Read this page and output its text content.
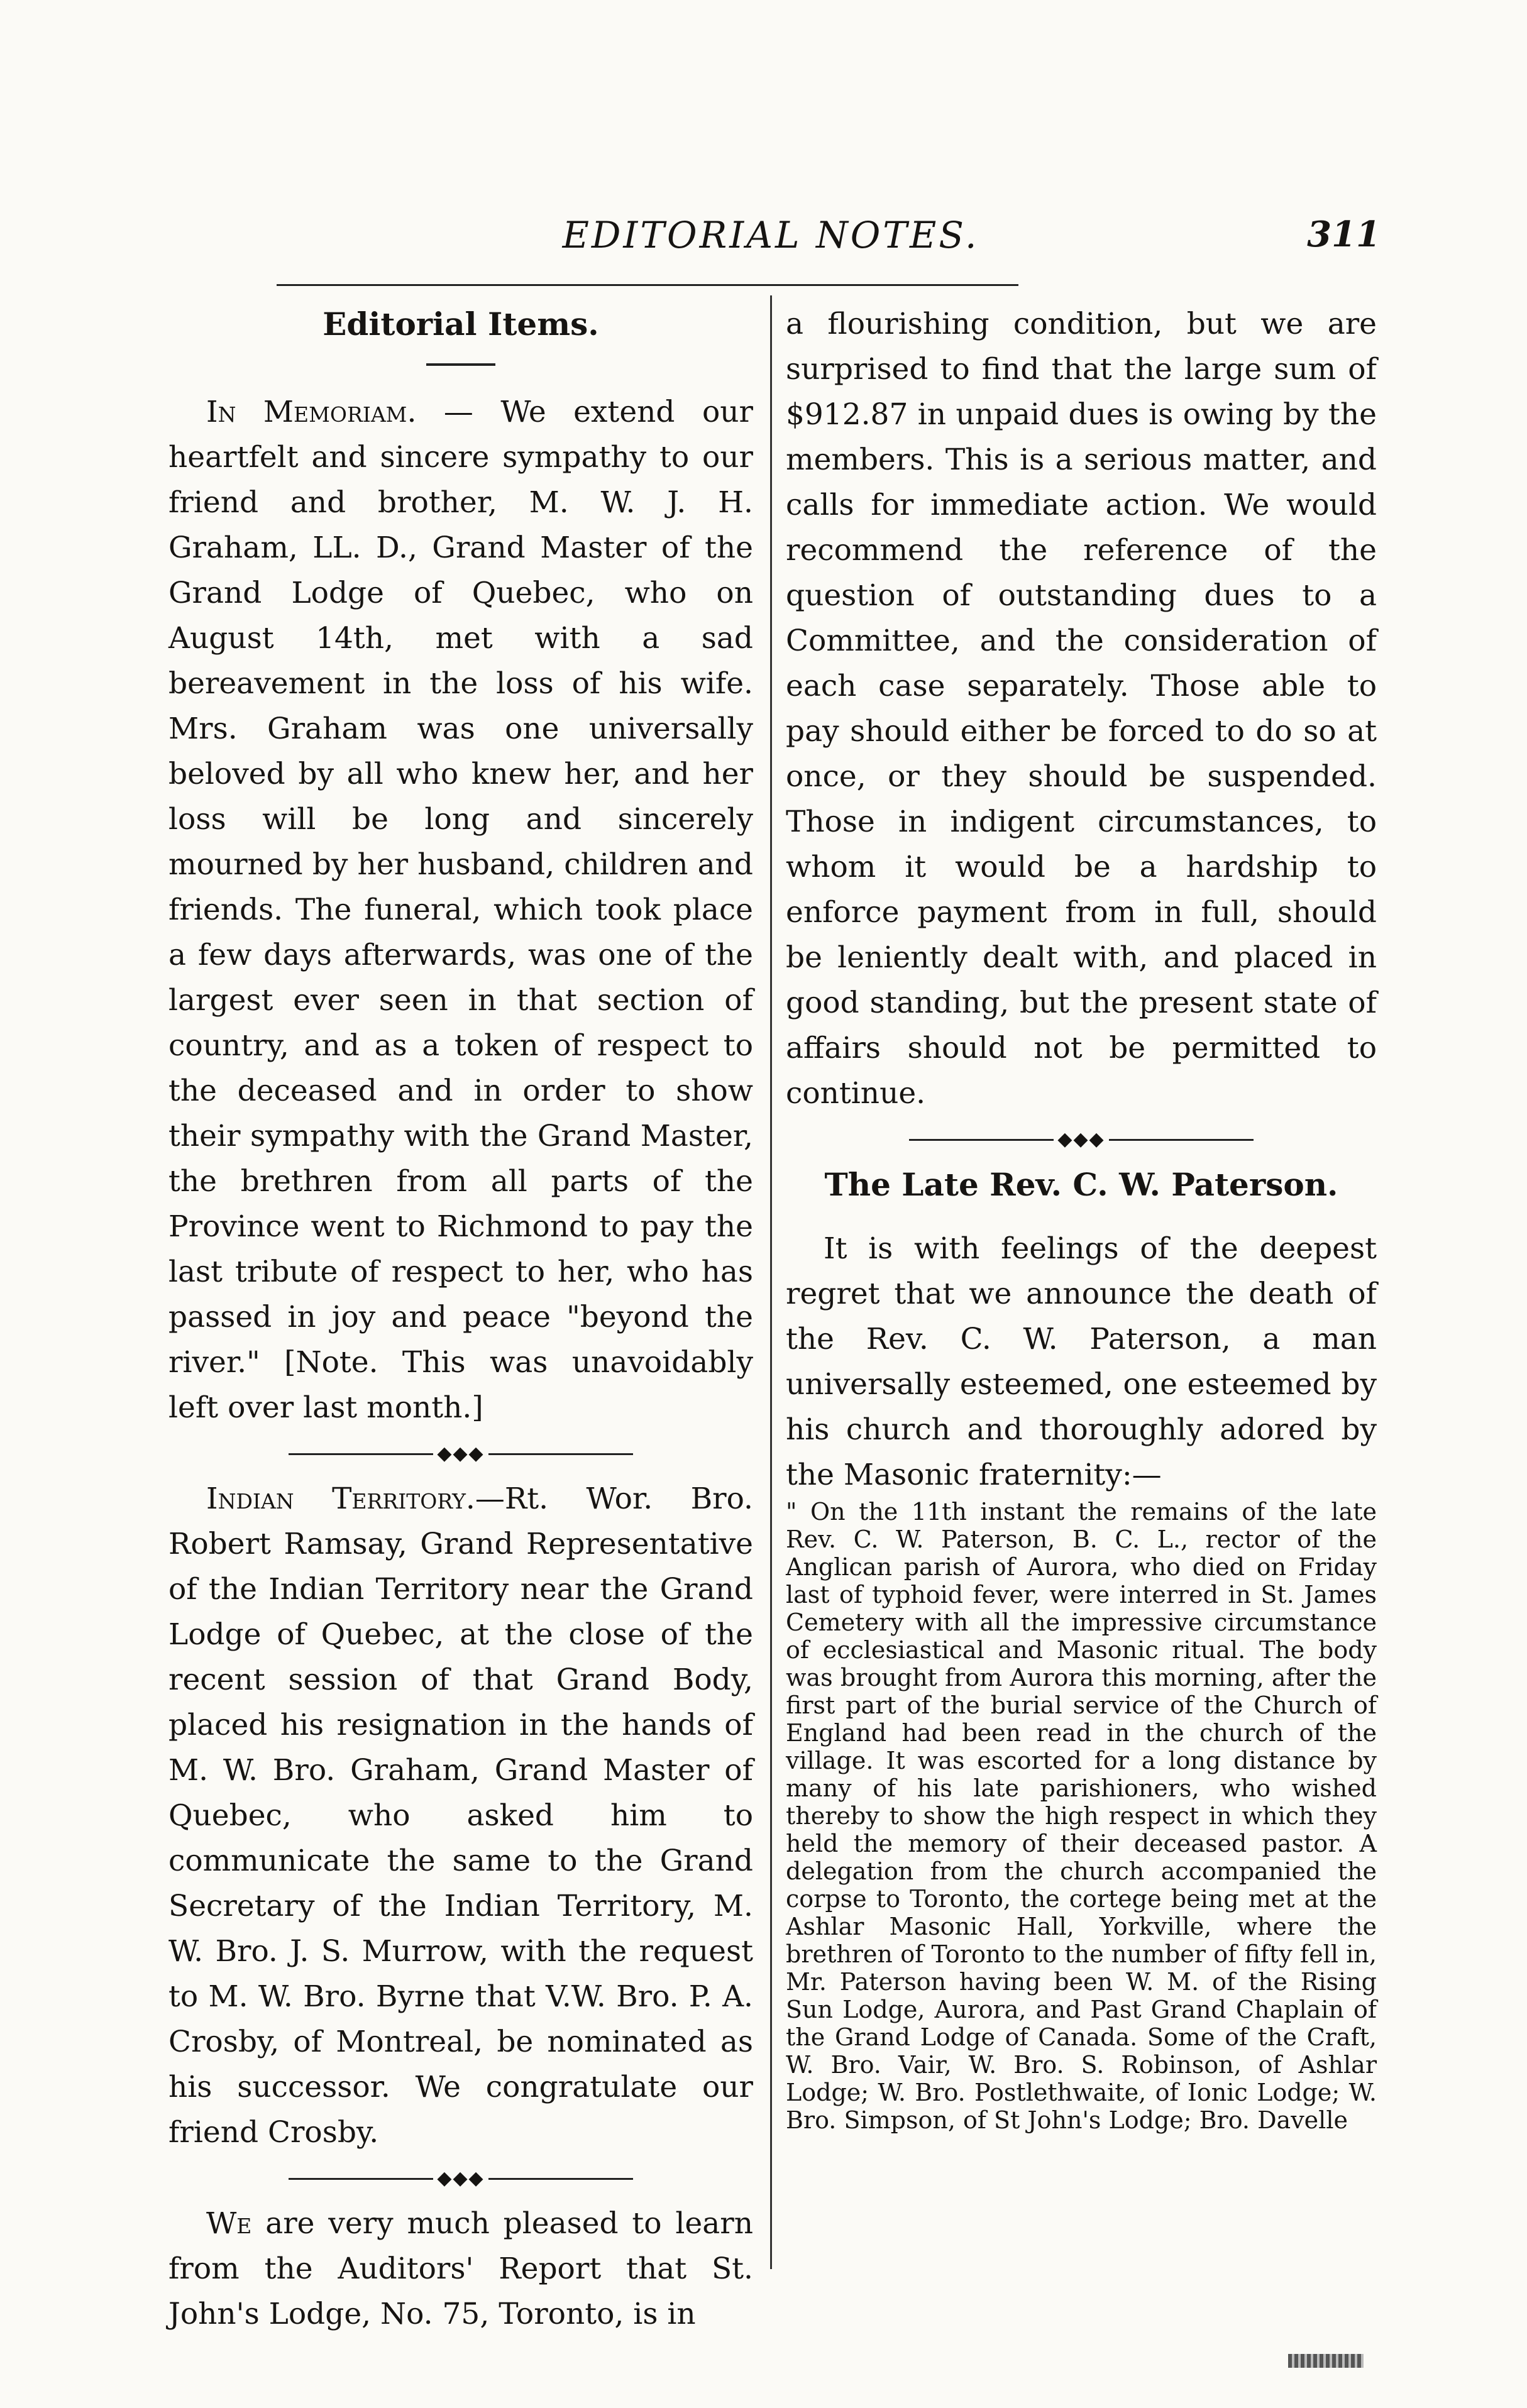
EDITORIAL NOTES.	311

Editorial Items.

In Memoriam. — We extend our heartfelt and sincere sympathy to our friend and brother, M. W. J. H. Graham, LL. D., Grand Master of the Grand Lodge of Quebec, who on August 14th, met with a sad bereavement in the loss of his wife. Mrs. Graham was one universally beloved by all who knew her, and her loss will be long and sincerely mourned by her husband, children and friends. The funeral, which took place a few days afterwards, was one of the largest ever seen in that section of country, and as a token of respect to the deceased and in order to show their sympathy with the Grand Master, the brethren from all parts of the Province went to Richmond to pay the last tribute of respect to her, who has passed in joy and peace "beyond the river." [Note. This was unavoidably left over last month.]

◆◆◆

Indian Territory.—Rt. Wor. Bro. Robert Ramsay, Grand Representative of the Indian Territory near the Grand Lodge of Quebec, at the close of the recent session of that Grand Body, placed his resignation in the hands of M. W. Bro. Graham, Grand Master of Quebec, who asked him to communicate the same to the Grand Secretary of the Indian Territory, M. W. Bro. J. S. Murrow, with the request to M. W. Bro. Byrne that V.W. Bro. P. A. Crosby, of Montreal, be nominated as his successor. We congratulate our friend Crosby.

◆◆◆

We are very much pleased to learn from the Auditors' Report that St. John's Lodge, No. 75, Toronto, is in

a flourishing condition, but we are surprised to find that the large sum of $912.87 in unpaid dues is owing by the members. This is a serious matter, and calls for immediate action. We would recommend the reference of the question of outstanding dues to a Committee, and the consideration of each case separately. Those able to pay should either be forced to do so at once, or they should be suspended. Those in indigent circumstances, to whom it would be a hardship to enforce payment from in full, should be leniently dealt with, and placed in good standing, but the present state of affairs should not be permitted to continue.

◆◆◆

The Late Rev. C. W. Paterson.

It is with feelings of the deepest regret that we announce the death of the Rev. C. W. Paterson, a man universally esteemed, one esteemed by his church and thoroughly adored by the Masonic fraternity:—

" On the 11th instant the remains of the late Rev. C. W. Paterson, B. C. L., rector of the Anglican parish of Aurora, who died on Friday last of typhoid fever, were interred in St. James Cemetery with all the impressive circumstance of ecclesiastical and Masonic ritual. The body was brought from Aurora this morning, after the first part of the burial service of the Church of England had been read in the church of the village. It was escorted for a long distance by many of his late parishioners, who wished thereby to show the high respect in which they held the memory of their deceased pastor. A delegation from the church accompanied the corpse to Toronto, the cortege being met at the Ashlar Masonic Hall, Yorkville, where the brethren of Toronto to the number of fifty fell in, Mr. Paterson having been W. M. of the Rising Sun Lodge, Aurora, and Past Grand Chaplain of the Grand Lodge of Canada. Some of the Craft, W. Bro. Vair, W. Bro. S. Robinson, of Ashlar Lodge; W. Bro. Postlethwaite, of Ionic Lodge; W. Bro. Simpson, of St John's Lodge; Bro. Davelle
